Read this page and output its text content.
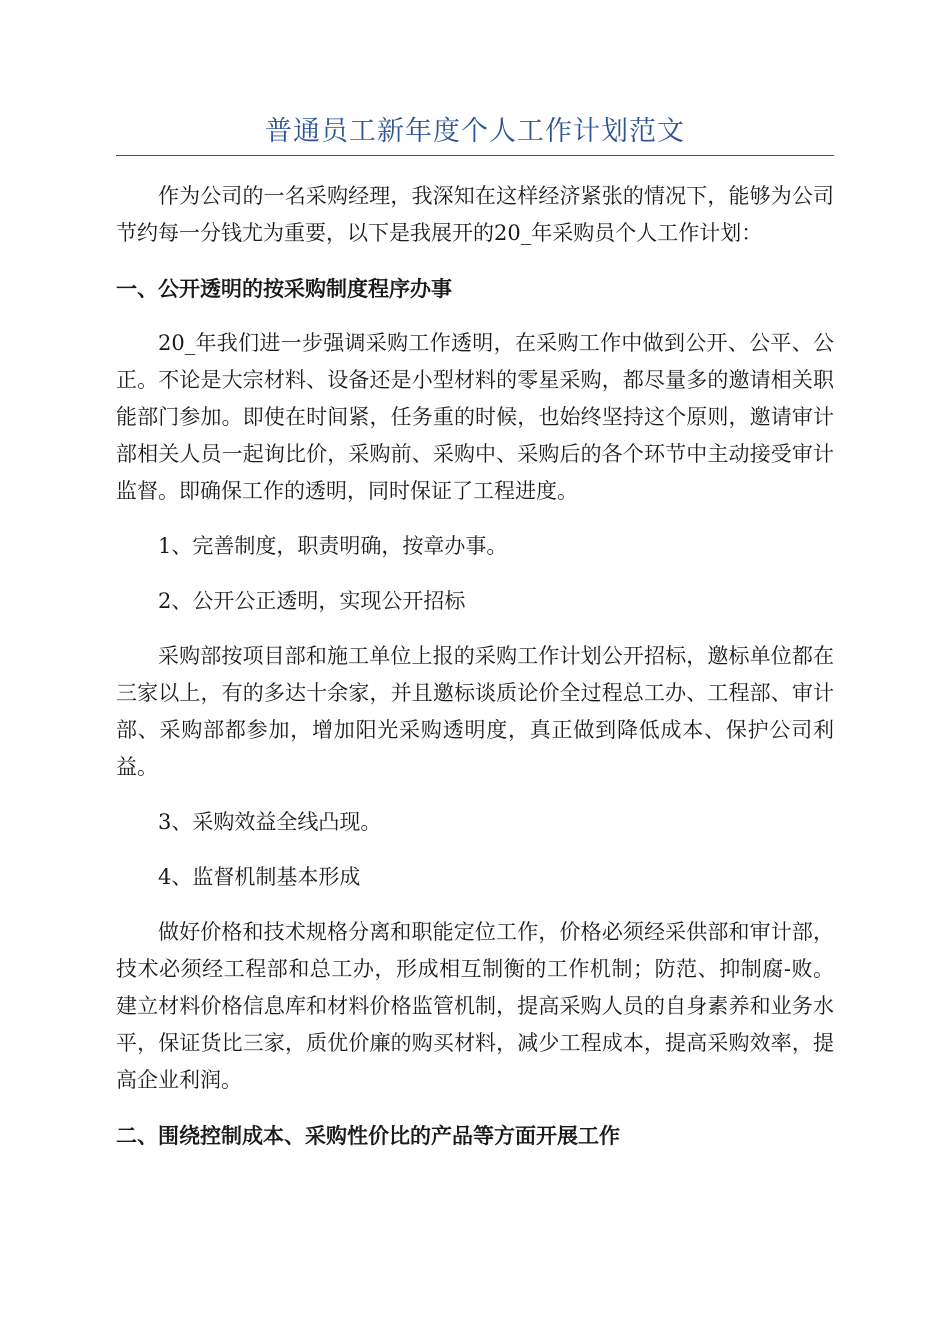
普通员工新年度个人工作计划范文

作为公司的一名采购经理，我深知在这样经济紧张的情况下，能够为公司节约每一分钱尤为重要，以下是我展开的20_年采购员个人工作计划：

一、公开透明的按采购制度程序办事

20_年我们进一步强调采购工作透明，在采购工作中做到公开、公平、公正。不论是大宗材料、设备还是小型材料的零星采购，都尽量多的邀请相关职能部门参加。即使在时间紧，任务重的时候，也始终坚持这个原则，邀请审计部相关人员一起询比价，采购前、采购中、采购后的各个环节中主动接受审计监督。即确保工作的透明，同时保证了工程进度。

1、完善制度，职责明确，按章办事。

2、公开公正透明，实现公开招标

采购部按项目部和施工单位上报的采购工作计划公开招标，邀标单位都在三家以上，有的多达十余家，并且邀标谈质论价全过程总工办、工程部、审计部、采购部都参加，增加阳光采购透明度，真正做到降低成本、保护公司利益。

3、采购效益全线凸现。

4、监督机制基本形成

做好价格和技术规格分离和职能定位工作，价格必须经采供部和审计部，技术必须经工程部和总工办，形成相互制衡的工作机制；防范、抑制腐-败。建立材料价格信息库和材料价格监管机制，提高采购人员的自身素养和业务水平，保证货比三家，质优价廉的购买材料，减少工程成本，提高采购效率，提高企业利润。

二、围绕控制成本、采购性价比的产品等方面开展工作
